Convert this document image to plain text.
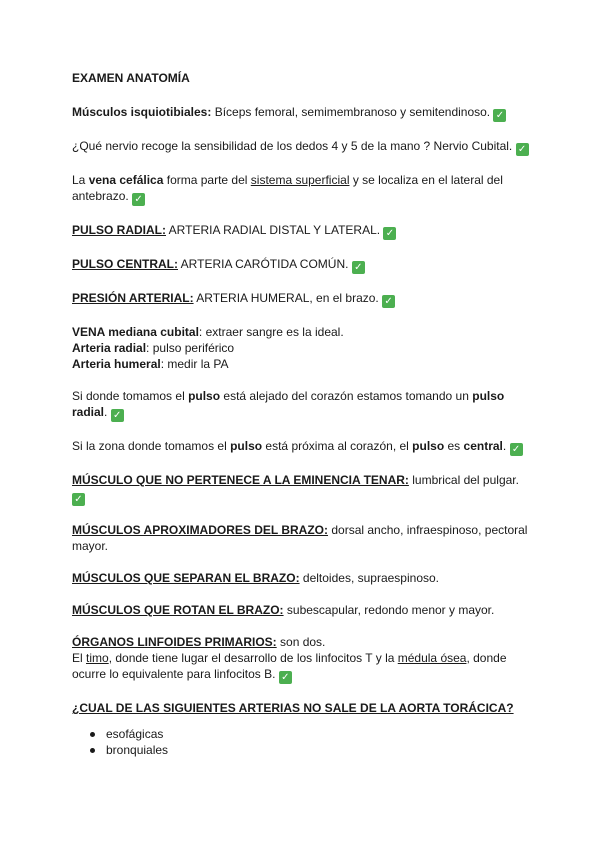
EXAMEN ANATOMÍA

Músculos isquiotibiales: Bíceps femoral, semimembranoso y semitendinoso. ✓

¿Qué nervio recoge la sensibilidad de los dedos 4 y 5 de la mano ? Nervio Cubital. ✓

La vena cefálica forma parte del sistema superficial y se localiza en el lateral del antebrazo. ✓

PULSO RADIAL: ARTERIA RADIAL DISTAL Y LATERAL. ✓

PULSO CENTRAL: ARTERIA CARÓTIDA COMÚN. ✓

PRESIÓN ARTERIAL: ARTERIA HUMERAL, en el brazo. ✓

VENA mediana cubital: extraer sangre es la ideal.

Arteria radial: pulso periférico

Arteria humeral: medir la PA

Si donde tomamos el pulso está alejado del corazón estamos tomando un pulso radial. ✓

Si la zona donde tomamos el pulso está próxima al corazón, el pulso es central. ✓

MÚSCULO QUE NO PERTENECE A LA EMINENCIA TENAR: lumbrical del pulgar. ✓

MÚSCULOS APROXIMADORES DEL BRAZO: dorsal ancho, infraespinoso, pectoral mayor.

MÚSCULOS QUE SEPARAN EL BRAZO: deltoides, supraespinoso.

MÚSCULOS QUE ROTAN EL BRAZO: subescapular, redondo menor y mayor.

ÓRGANOS LINFOIDES PRIMARIOS: son dos.

El timo, donde tiene lugar el desarrollo de los linfocitos T y la médula ósea, donde ocurre lo equivalente para linfocitos B. ✓

¿CUAL DE LAS SIGUIENTES ARTERIAS NO SALE DE LA AORTA TORÁCICA?

esofágicas
bronquiales
